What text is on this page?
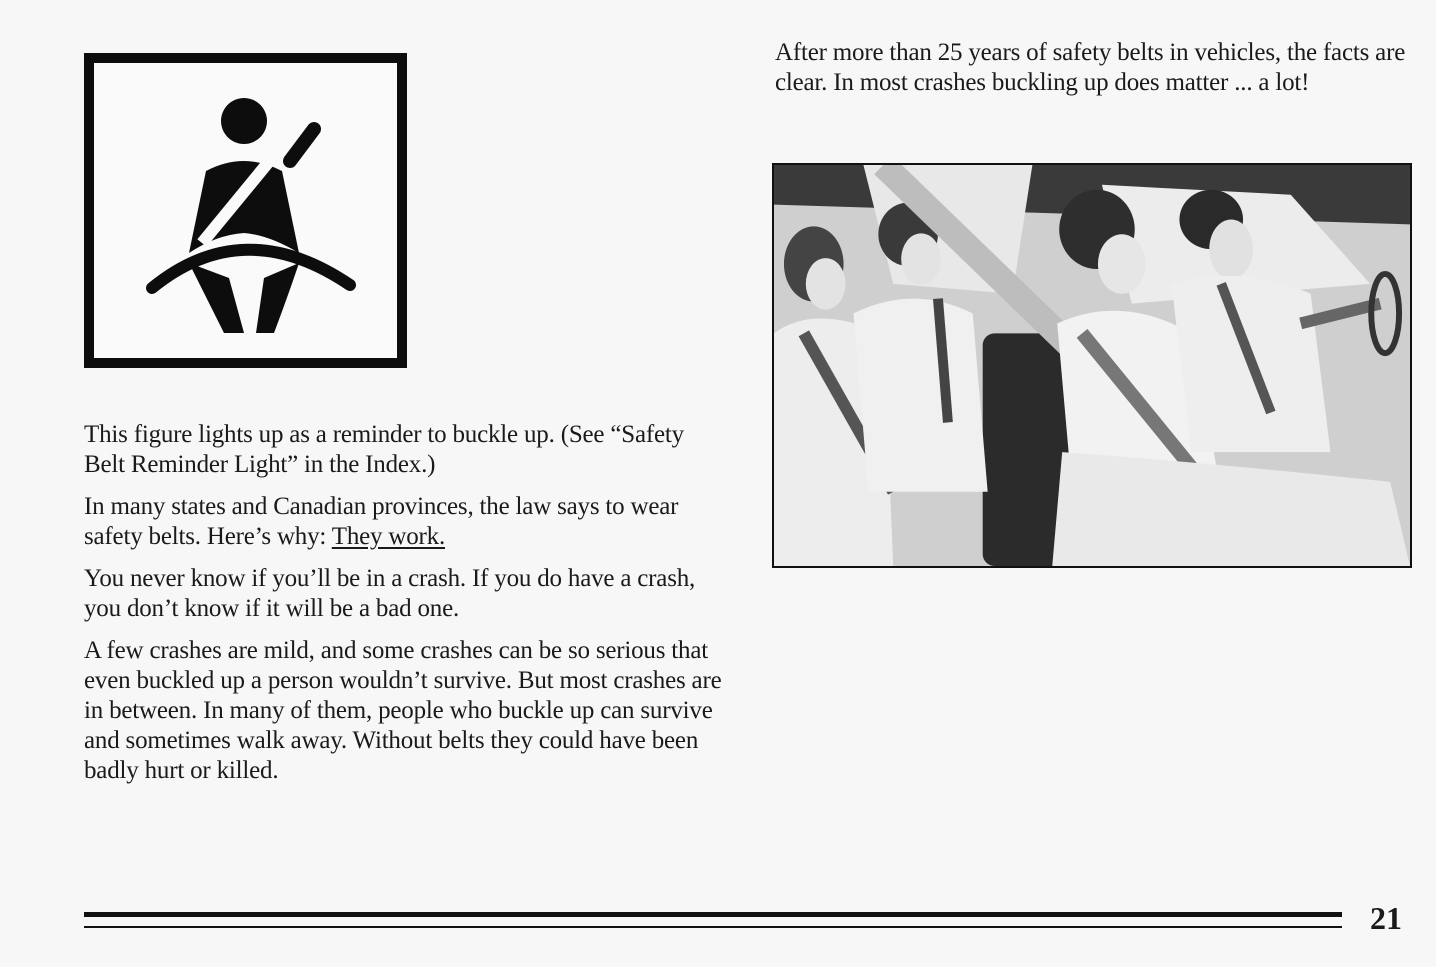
This figure lights up as a reminder to buckle up. (See “Safety Belt Reminder Light” in the Index.)

In many states and Canadian provinces, the law says to wear safety belts. Here’s why: They work.

You never know if you’ll be in a crash. If you do have a crash, you don’t know if it will be a bad one.

A few crashes are mild, and some crashes can be so serious that even buckled up a person wouldn’t survive. But most crashes are in between. In many of them, people who buckle up can survive and sometimes walk away. Without belts they could have been badly hurt or killed.

After more than 25 years of safety belts in vehicles, the facts are clear. In most crashes buckling up does matter ... a lot!

21
